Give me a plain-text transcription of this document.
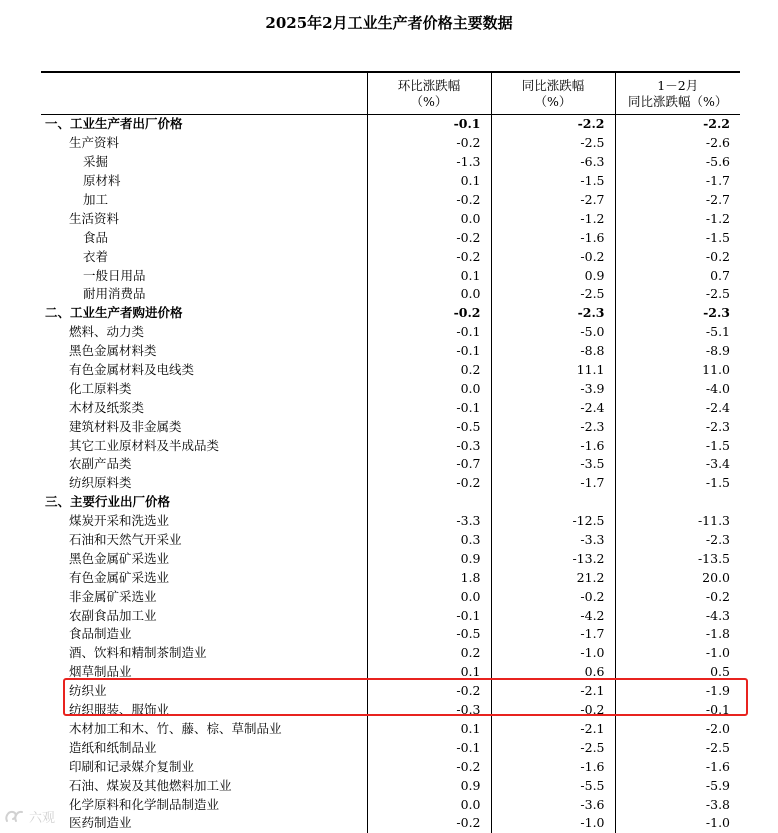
2025年2月工业生产者价格主要数据

	环比涨跌幅
（%）	同比涨跌幅
（%）	1－2月
同比涨跌幅（%）

一、工业生产者出厂价格	-0.1	-2.2	-2.2
生产资料	-0.2	-2.5	-2.6
采掘	-1.3	-6.3	-5.6
原材料	0.1	-1.5	-1.7
加工	-0.2	-2.7	-2.7
生活资料	0.0	-1.2	-1.2
食品	-0.2	-1.6	-1.5
衣着	-0.2	-0.2	-0.2
一般日用品	0.1	0.9	0.7
耐用消费品	0.0	-2.5	-2.5
二、工业生产者购进价格	-0.2	-2.3	-2.3
燃料、动力类	-0.1	-5.0	-5.1
黑色金属材料类	-0.1	-8.8	-8.9
有色金属材料及电线类	0.2	11.1	11.0
化工原料类	0.0	-3.9	-4.0
木材及纸浆类	-0.1	-2.4	-2.4
建筑材料及非金属类	-0.5	-2.3	-2.3
其它工业原材料及半成品类	-0.3	-1.6	-1.5
农副产品类	-0.7	-3.5	-3.4
纺织原料类	-0.2	-1.7	-1.5
三、主要行业出厂价格			
煤炭开采和洗选业	-3.3	-12.5	-11.3
石油和天然气开采业	0.3	-3.3	-2.3
黑色金属矿采选业	0.9	-13.2	-13.5
有色金属矿采选业	1.8	21.2	20.0
非金属矿采选业	0.0	-0.2	-0.2
农副食品加工业	-0.1	-4.2	-4.3
食品制造业	-0.5	-1.7	-1.8
酒、饮料和精制茶制造业	0.2	-1.0	-1.0
烟草制品业	0.1	0.6	0.5
纺织业	-0.2	-2.1	-1.9
纺织服装、服饰业	-0.3	-0.2	-0.1
木材加工和木、竹、藤、棕、草制品业	0.1	-2.1	-2.0
造纸和纸制品业	-0.1	-2.5	-2.5
印刷和记录媒介复制业	-0.2	-1.6	-1.6
石油、煤炭及其他燃料加工业	0.9	-5.5	-5.9
化学原料和化学制品制造业	0.0	-3.6	-3.8
医药制造业	-0.2	-1.0	-1.0
六观
